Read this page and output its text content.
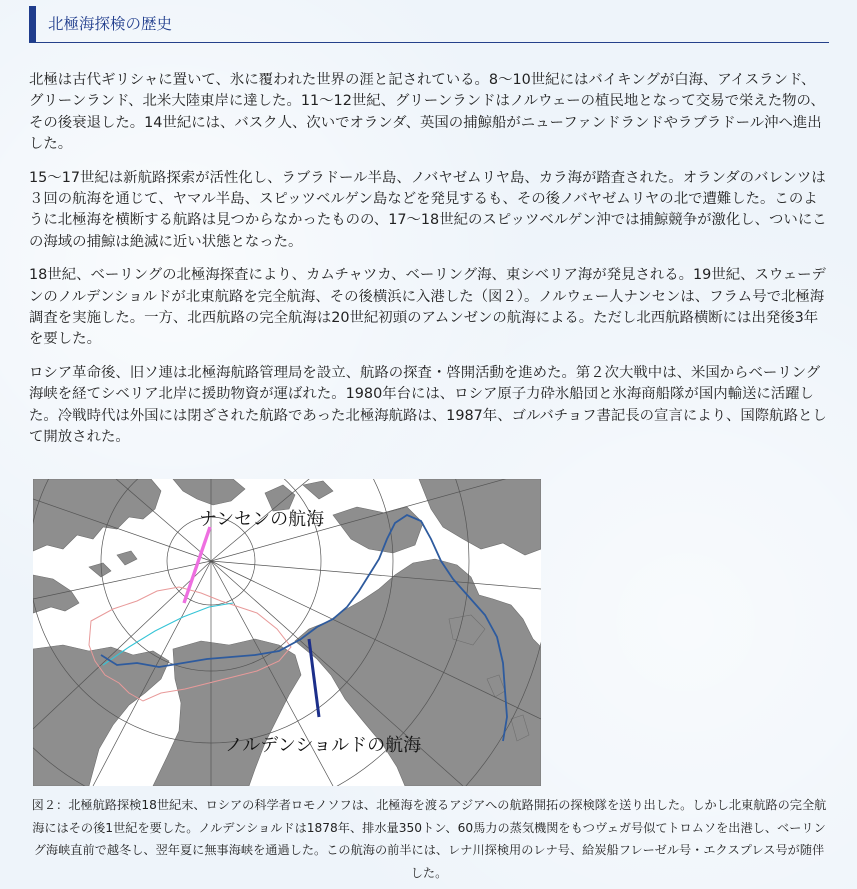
北極海探検の歴史

北極は古代ギリシャに置いて、氷に覆われた世界の涯と記されている。8～10世紀にはバイキングが白海、アイスランド、グリーンランド、北米大陸東岸に達した。11～12世紀、グリーンランドはノルウェーの植民地となって交易で栄えた物の、その後衰退した。14世紀には、バスク人、次いでオランダ、英国の捕鯨船がニューファンドランドやラブラドール沖へ進出した。

15～17世紀は新航路探索が活性化し、ラブラドール半島、ノバヤゼムリヤ島、カラ海が踏査された。オランダのバレンツは３回の航海を通じて、ヤマル半島、スピッツベルゲン島などを発見するも、その後ノバヤゼムリヤの北で遭難した。このように北極海を横断する航路は見つからなかったものの、17～18世紀のスピッツベルゲン沖では捕鯨競争が激化し、ついにこの海域の捕鯨は絶滅に近い状態となった。

18世紀、ベーリングの北極海探査により、カムチャツカ、ベーリング海、東シベリア海が発見される。19世紀、スウェーデンのノルデンショルドが北東航路を完全航海、その後横浜に入港した（図２）。ノルウェー人ナンセンは、フラム号で北極海調査を実施した。一方、北西航路の完全航海は20世紀初頭のアムンゼンの航海による。ただし北西航路横断には出発後3年を要した。

ロシア革命後、旧ソ連は北極海航路管理局を設立、航路の探査・啓開活動を進めた。第２次大戦中は、米国からベーリング海峡を経てシベリア北岸に援助物資が運ばれた。1980年台には、ロシア原子力砕氷船団と氷海商船隊が国内輸送に活躍した。冷戦時代は外国には閉ざされた航路であった北極海航路は、1987年、ゴルバチョフ書記長の宣言により、国際航路として開放された。

ナンセンの航海
ノルデンショルドの航海
図２：北極航路探検18世紀末、ロシアの科学者ロモノソフは、北極海を渡るアジアへの航路開拓の探検隊を送り出した。しかし北東航路の完全航海にはその後1世紀を要した。ノルデンショルドは1878年、排水量350トン、60馬力の蒸気機関をもつヴェガ号似てトロムソを出港し、ベーリング海峡直前で越冬し、翌年夏に無事海峡を通過した。この航海の前半には、レナ川探検用のレナ号、給炭船フレーゼル号・エクスプレス号が随伴した。
